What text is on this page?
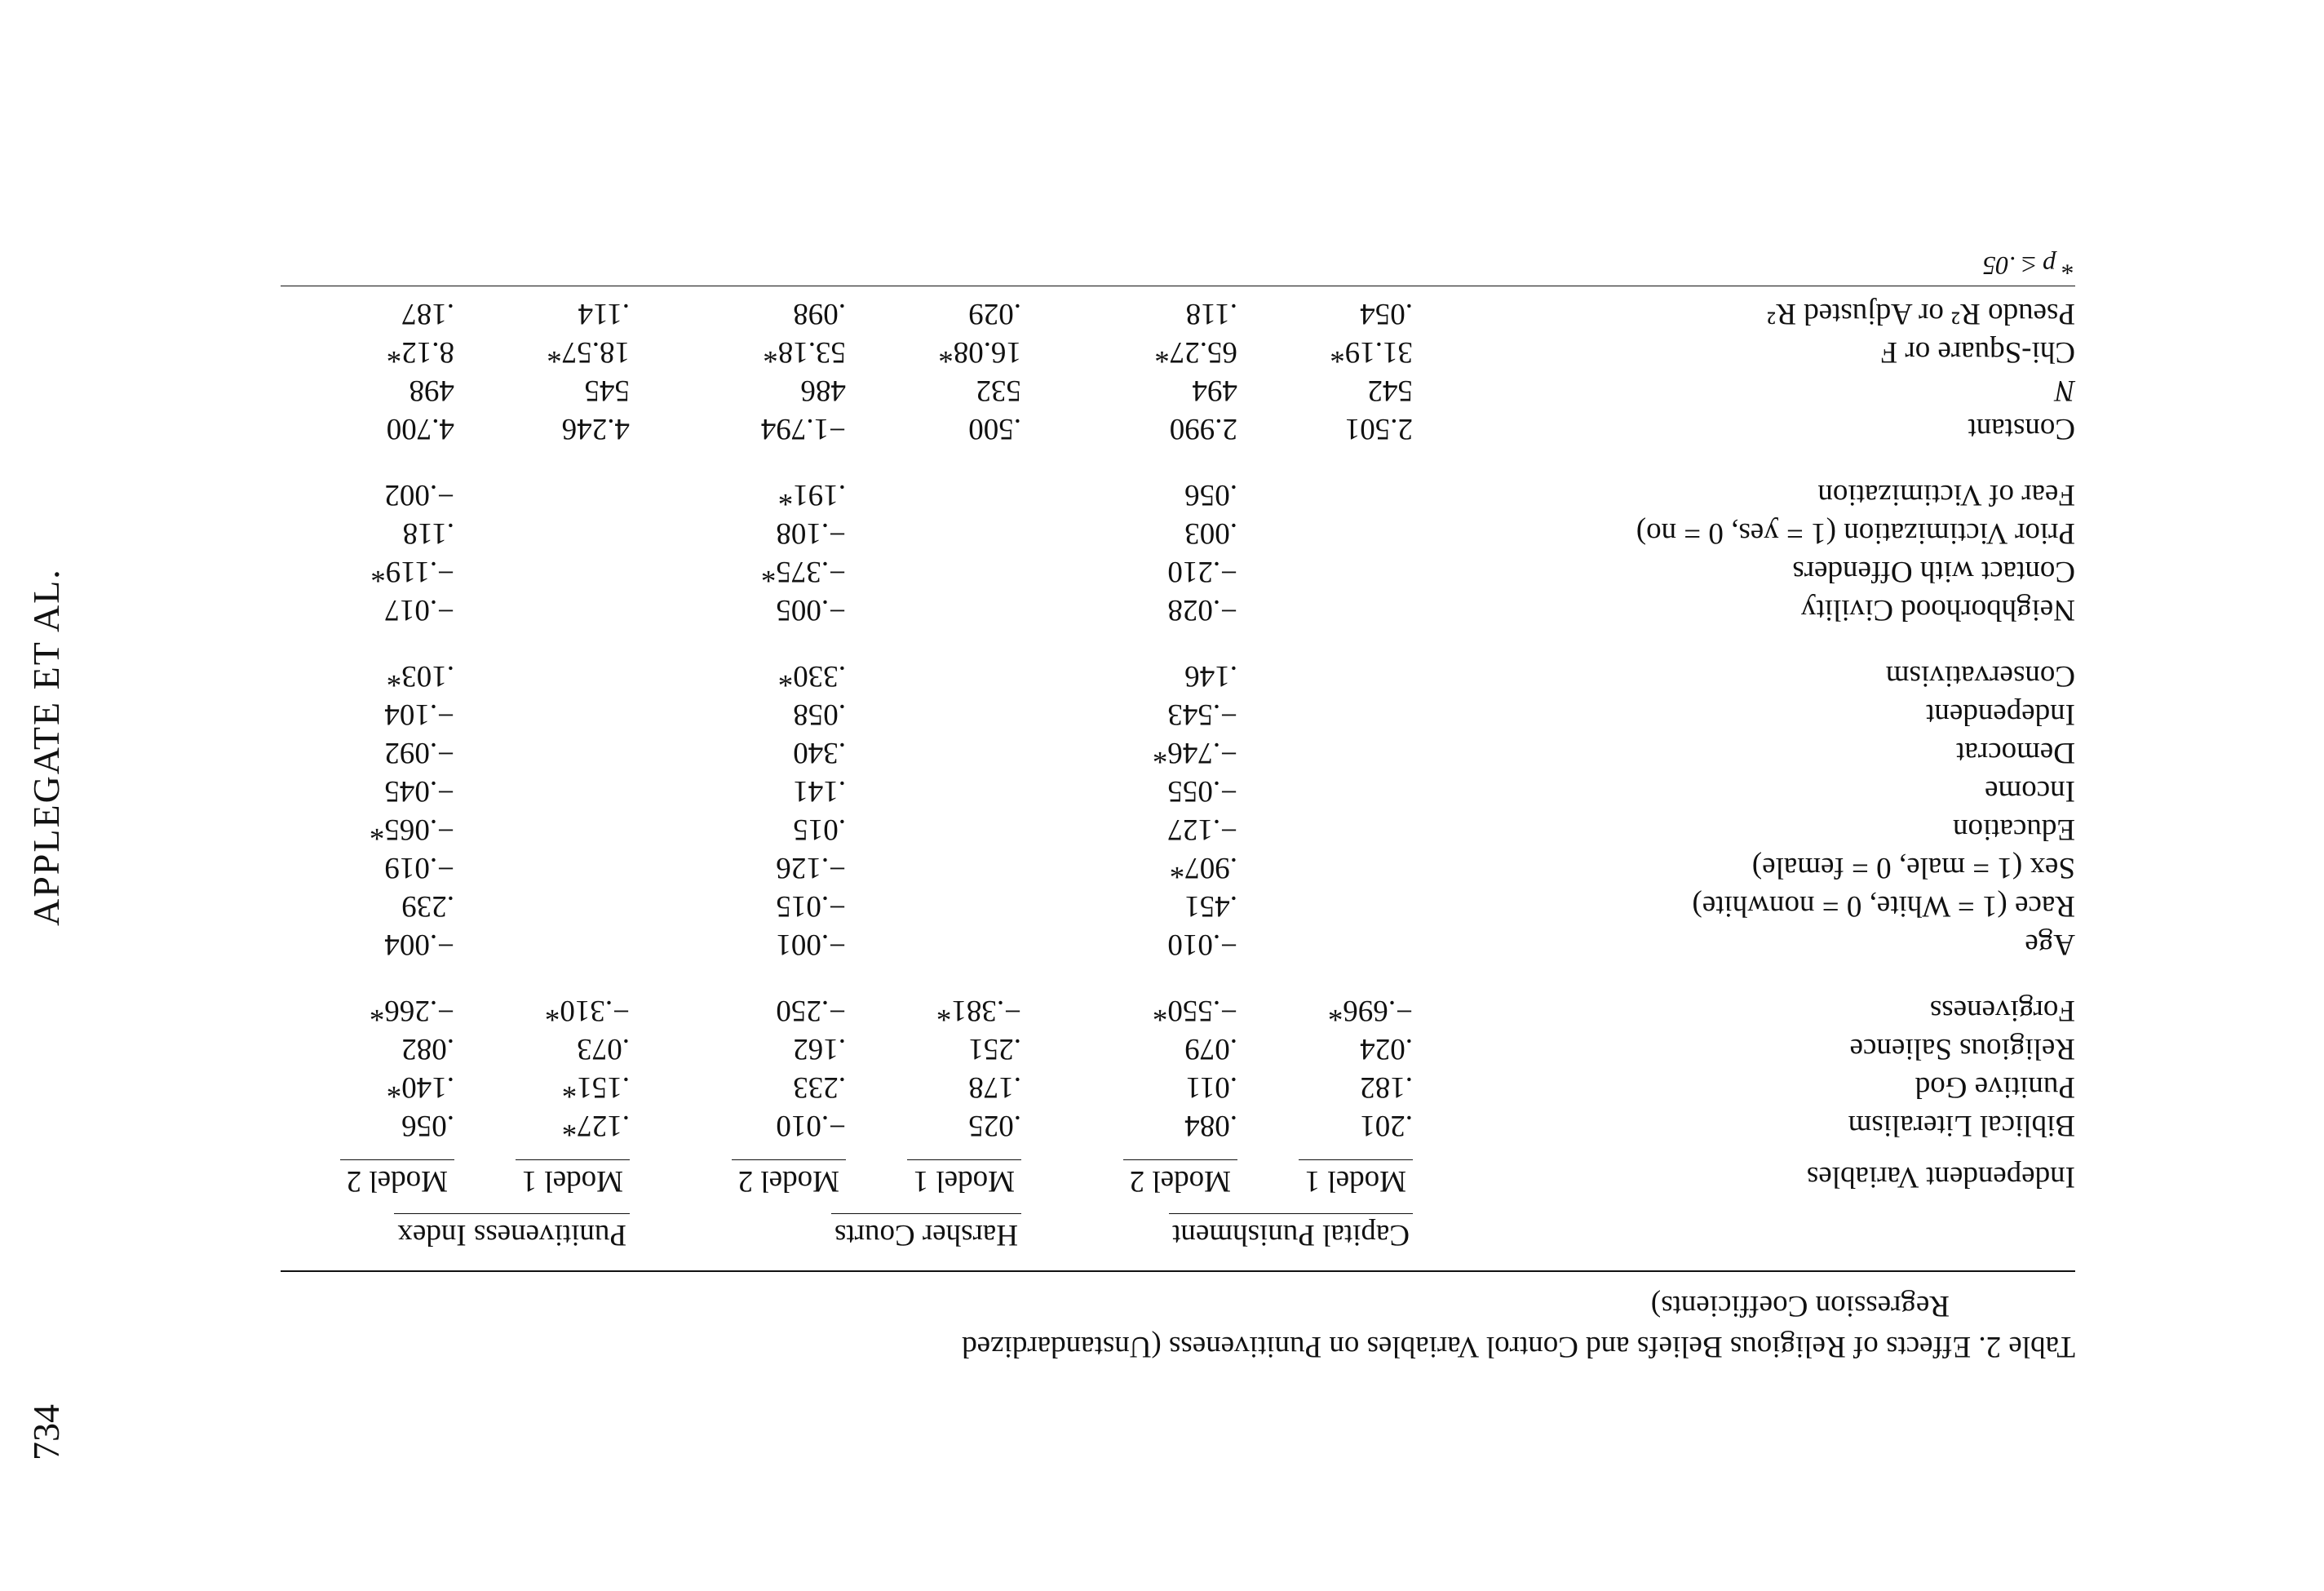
734
APPLEGATE ET AL.
Table 2. Effects of Religious Beliefs and Control Variables on Punitiveness (Unstandardized
Regression Coefficients)
	Capital Punishment		Harsher Courts		Punitiveness Index	
Independent Variables	Model 1	Model 2	Model 1	Model 2	Model 1	Model 2

Biblical Literalism	.201	.084	.025	−.010	.127*	.056
Punitive God	.182	.011	.178	.233	.151*	.140*
Religious Salience	.024	.079	.251	.162	.073	.082
Forgiveness	−.696*	−.550*	−.381*	−.250	−.310*	−.266*

Age		−.010		−.001		−.004
Race (1 = White, 0 = nonwhite)		.451		−.015		.239
Sex (1 = male, 0 = female)		.907*		−.126		−.019
Education		−.127		.015		−.065*
Income		−.055		.141		−.045
Democrat		−.746*		.340		−.092
Independent		−.543		.058		−.104
Conservativism		.146		.330*		.103*

Neighborhood Civility		−.028		−.005		−.017
Contact with Offenders		−.210		−.375*		−.119*
Prior Victimization (1 = yes, 0 = no)		.003		−.108		.118
Fear of Victimization		.056		.191*		−.002

Constant	2.501	2.990	.500	−1.794	4.246	4.700
N	542	494	532	486	545	498
Chi-Square or F	31.19*	65.27*	16.08*	53.18*	18.57*	8.12*
Pseudo R² or Adjusted R²	.054	.118	.029	.098	.114	.187

* p ≤ .05
